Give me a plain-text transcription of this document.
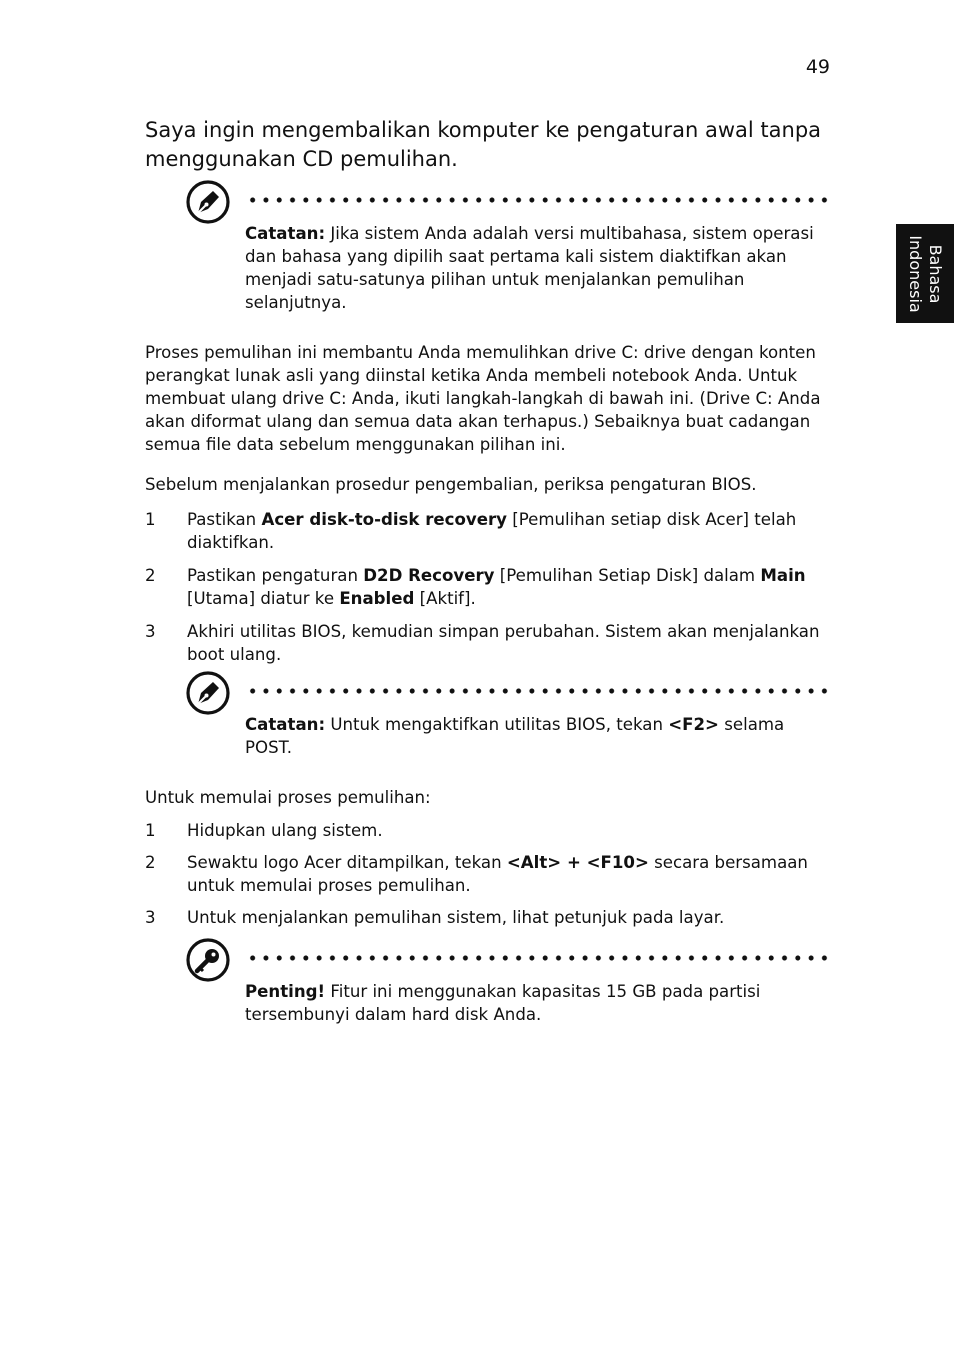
49
Bahasa
Indonesia
Saya ingin mengembalikan komputer ke pengaturan awal tanpa menggunakan CD pemulihan.

Catatan: Jika sistem Anda adalah versi multibahasa, sistem operasi dan bahasa yang dipilih saat pertama kali sistem diaktifkan akan menjadi satu-satunya pilihan untuk menjalankan pemulihan selanjutnya.

Proses pemulihan ini membantu Anda memulihkan drive C: drive dengan konten perangkat lunak asli yang diinstal ketika Anda membeli notebook Anda. Untuk membuat ulang drive C: Anda, ikuti langkah-langkah di bawah ini. (Drive C: Anda akan diformat ulang dan semua data akan terhapus.) Sebaiknya buat cadangan semua file data sebelum menggunakan pilihan ini.

Sebelum menjalankan prosedur pengembalian, periksa pengaturan BIOS.

1 Pastikan Acer disk-to-disk recovery [Pemulihan setiap disk Acer] telah diaktifkan.
2 Pastikan pengaturan D2D Recovery [Pemulihan Setiap Disk] dalam Main [Utama] diatur ke Enabled [Aktif].
3 Akhiri utilitas BIOS, kemudian simpan perubahan. Sistem akan menjalankan boot ulang.

Catatan: Untuk mengaktifkan utilitas BIOS, tekan <F2> selama POST.

Untuk memulai proses pemulihan:

1 Hidupkan ulang sistem.
2 Sewaktu logo Acer ditampilkan, tekan <Alt> + <F10> secara bersamaan untuk memulai proses pemulihan.
3 Untuk menjalankan pemulihan sistem, lihat petunjuk pada layar.

Penting! Fitur ini menggunakan kapasitas 15 GB pada partisi tersembunyi dalam hard disk Anda.
